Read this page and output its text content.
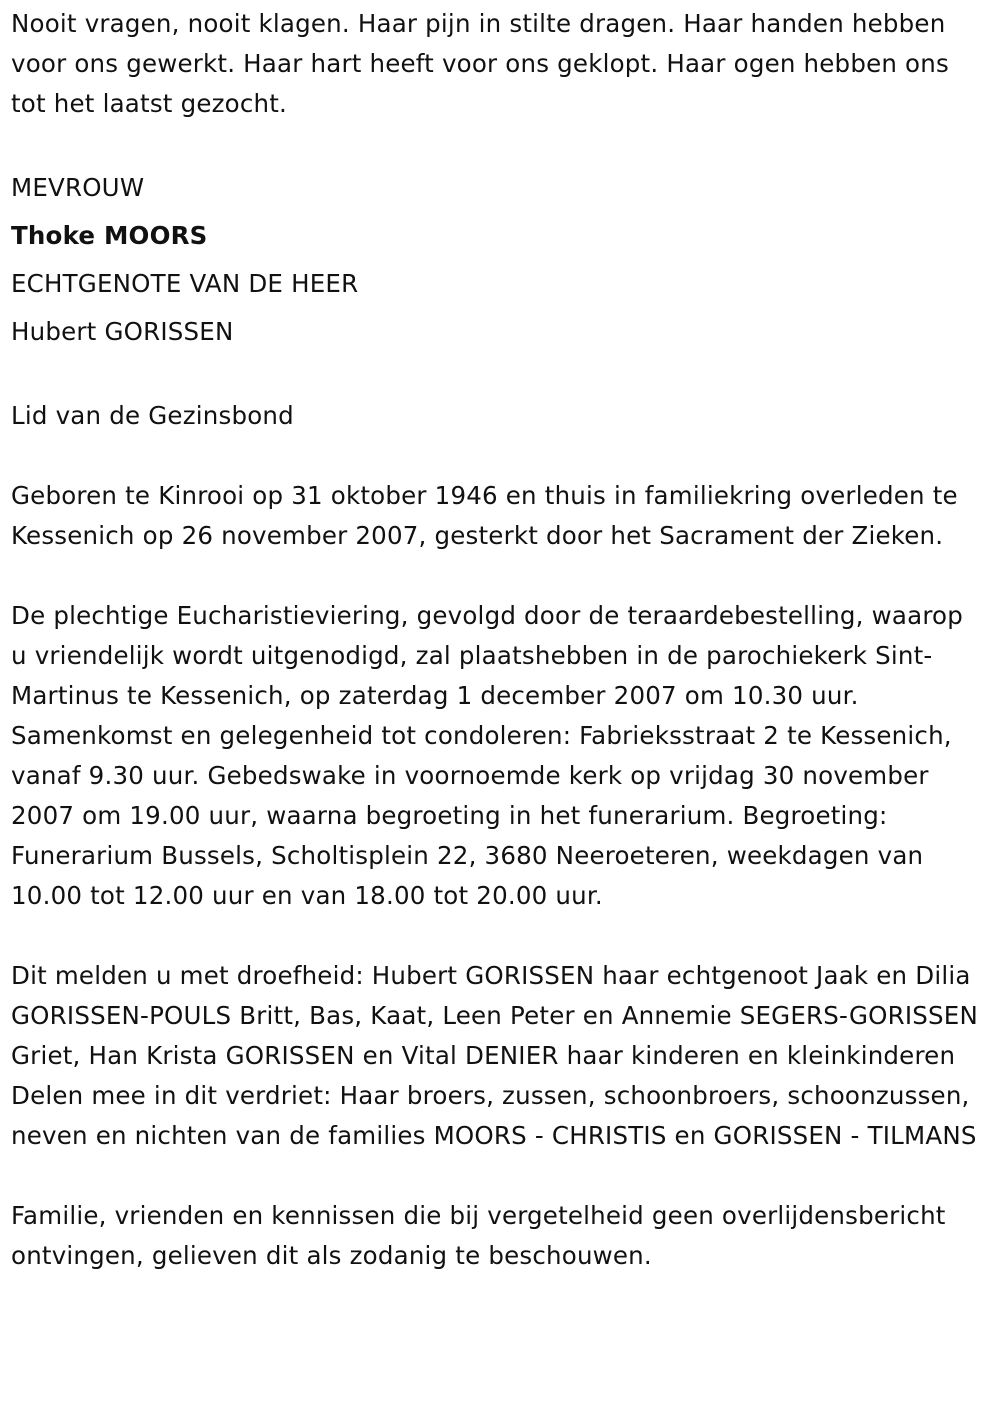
Nooit vragen, nooit klagen. Haar pijn in stilte dragen. Haar handen hebben voor ons gewerkt. Haar hart heeft voor ons geklopt. Haar ogen hebben ons tot het laatst gezocht.

MEVROUW
Thoke MOORS
ECHTGENOTE VAN DE HEER
Hubert GORISSEN

Lid van de Gezinsbond

Geboren te Kinrooi op 31 oktober 1946 en thuis in familiekring overleden te Kessenich op 26 november 2007, gesterkt door het Sacrament der Zieken.

De plechtige Eucharistieviering, gevolgd door de teraardebestelling, waarop u vriendelijk wordt uitgenodigd, zal plaatshebben in de parochiekerk Sint-Martinus te Kessenich, op zaterdag 1 december 2007 om 10.30 uur. Samenkomst en gelegenheid tot condoleren: Fabrieksstraat 2 te Kessenich, vanaf 9.30 uur. Gebedswake in voornoemde kerk op vrijdag 30 november 2007 om 19.00 uur, waarna begroeting in het funerarium. Begroeting: Funerarium Bussels, Scholtisplein 22, 3680 Neeroeteren, weekdagen van 10.00 tot 12.00 uur en van 18.00 tot 20.00 uur.

Dit melden u met droefheid: Hubert GORISSEN haar echtgenoot Jaak en Dilia GORISSEN-POULS Britt, Bas, Kaat, Leen Peter en Annemie SEGERS-GORISSEN Griet, Han Krista GORISSEN en Vital DENIER haar kinderen en kleinkinderen Delen mee in dit verdriet: Haar broers, zussen, schoonbroers, schoonzussen, neven en nichten van de families MOORS - CHRISTIS en GORISSEN - TILMANS

Familie, vrienden en kennissen die bij vergetelheid geen overlijdensbericht ontvingen, gelieven dit als zodanig te beschouwen.
